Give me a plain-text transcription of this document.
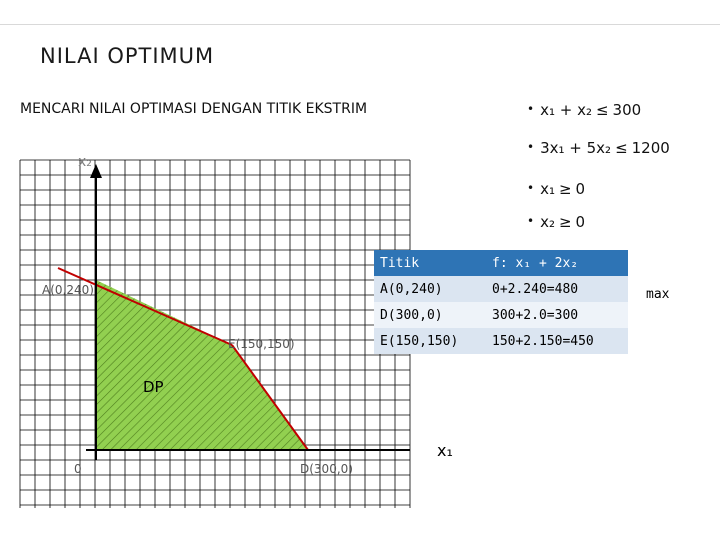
NILAI OPTIMUM
MENCARI NILAI OPTIMASI DENGAN TITIK EKSTRIM
x₂
x₁
0
A(0,240)
E(150,150)
D(300,0)
DP
• x₁ + x₂ ≤ 300
• 3x₁ + 5x₂ ≤ 1200
• x₁ ≥ 0
• x₂ ≥ 0
Titik	f: x₁ + 2x₂
A(0,240)	0+2.240=480
D(300,0)	300+2.0=300
E(150,150)	150+2.150=450
max
